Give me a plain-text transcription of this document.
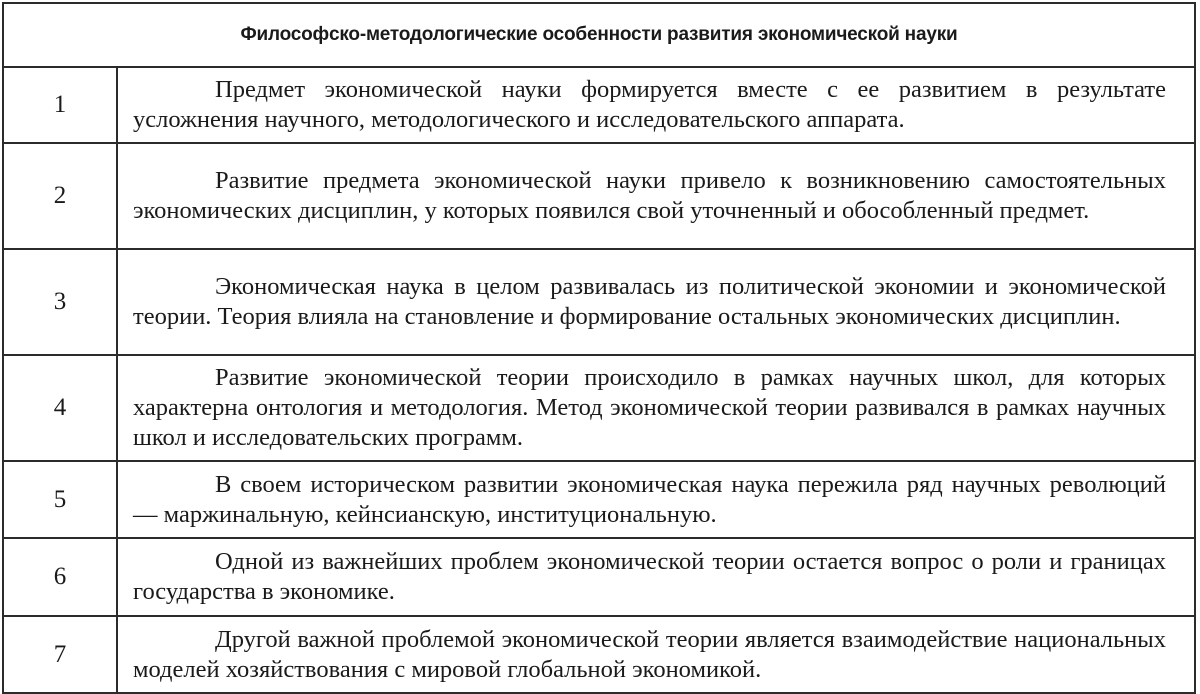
Философско-методологические особенности развития экономической науки	
1	Предмет экономической науки формируется вместе с ее развитием в результате усложнения научного, методологического и исследовательского аппарата.
2	Развитие предмета экономической науки привело к возникновению самостоятельных экономических дисциплин, у которых появился свой уточненный и обособленный предмет.
3	Экономическая наука в целом развивалась из политической экономии и экономической теории. Теория влияла на становление и формирование остальных экономических дисциплин.
4	Развитие экономической теории происходило в рамках научных школ, для которых характерна онтология и методология. Метод экономической теории развивался в рамках научных школ и исследовательских программ.
5	В своем историческом развитии экономическая наука пережила ряд научных революций — маржинальную, кейнсианскую, институциональную.
6	Одной из важнейших проблем экономической теории остается вопрос о роли и границах государства в экономике.
7	Другой важной проблемой экономической теории является взаимодействие национальных моделей хозяйствования с мировой глобальной экономикой.
